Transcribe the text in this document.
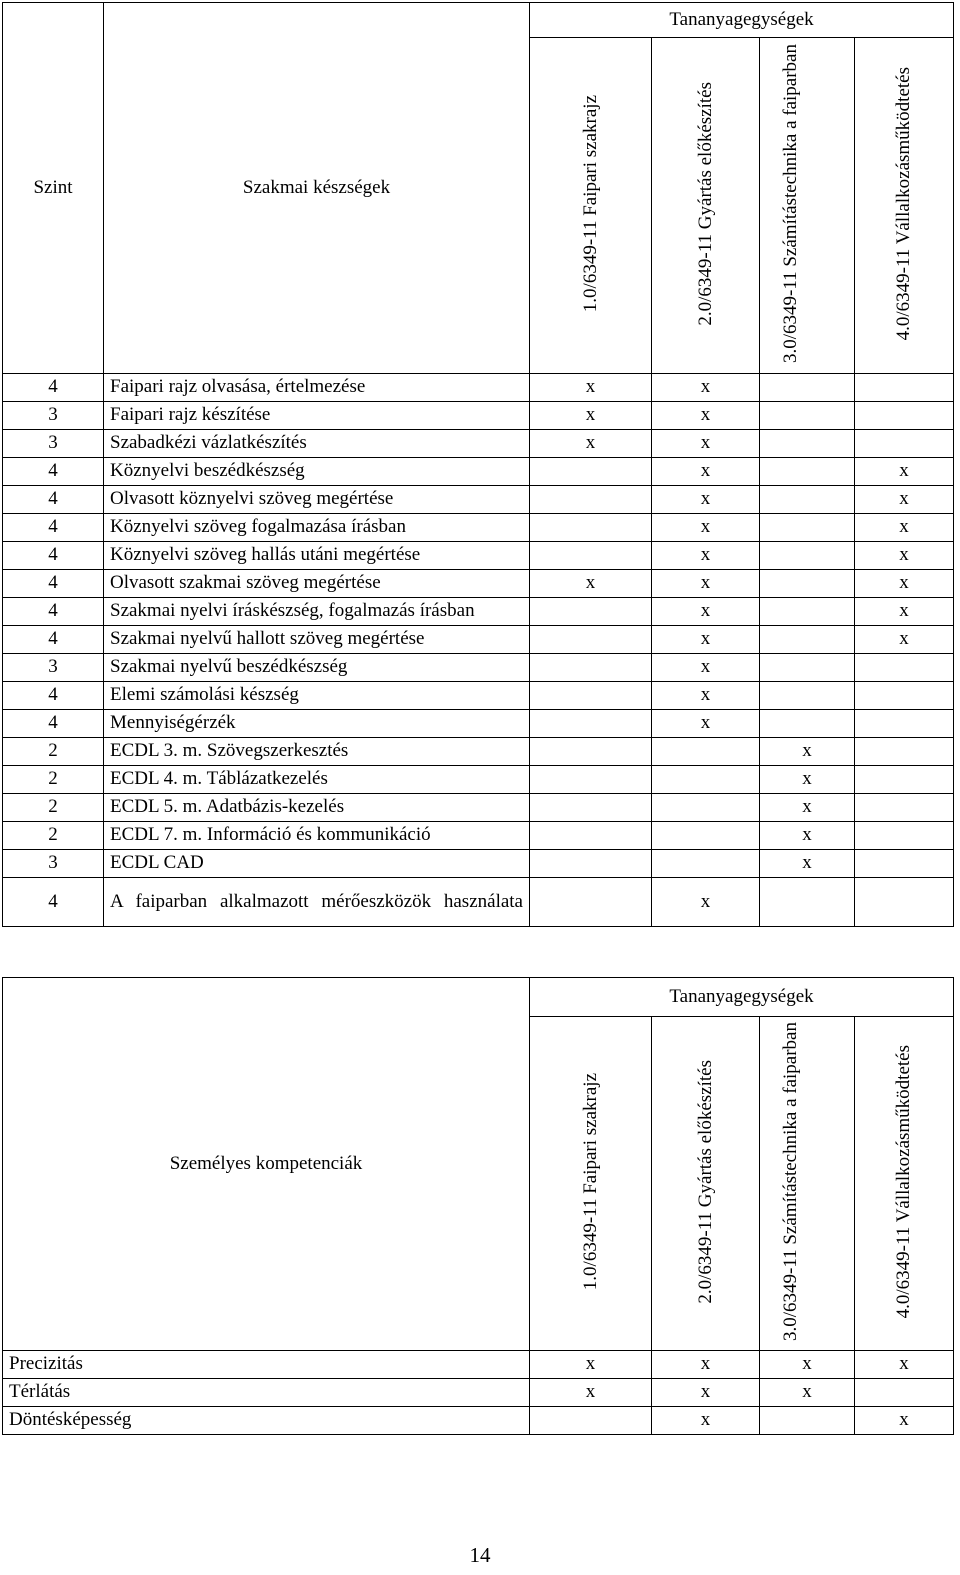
Szint	Szakmai készségek	Tananyagegységek			

		1.0/6349-11 Faipari szakrajz	2.0/6349-11 Gyártás előkészítés	3.0/6349-11 Számítástechnika a faiparban	4.0/6349-11 Vállalkozásműködtetés

4	Faipari rajz olvasása, értelmezése	x	x		
3	Faipari rajz készítése	x	x		
3	Szabadkézi vázlatkészítés	x	x		
4	Köznyelvi beszédkészség		x		x
4	Olvasott köznyelvi szöveg megértése		x		x
4	Köznyelvi szöveg fogalmazása írásban		x		x
4	Köznyelvi szöveg hallás utáni megértése		x		x
4	Olvasott szakmai szöveg megértése	x	x		x
4	Szakmai nyelvi íráskészség, fogalmazás írásban		x		x
4	Szakmai nyelvű hallott szöveg megértése		x		x
3	Szakmai nyelvű beszédkészség		x		
4	Elemi számolási készség		x		
4	Mennyiségérzék		x		
2	ECDL 3. m. Szövegszerkesztés			x	
2	ECDL 4. m. Táblázatkezelés			x	
2	ECDL 5. m. Adatbázis-kezelés			x	
2	ECDL 7. m. Információ és kommunikáció			x	
3	ECDL CAD			x	
4	A faiparban alkalmazott mérőeszközök használata		x		
Személyes kompetenciák	Tananyagegységek			

	1.0/6349-11 Faipari szakrajz	2.0/6349-11 Gyártás előkészítés	3.0/6349-11 Számítástechnika a faiparban	4.0/6349-11 Vállalkozásműködtetés

Precizitás	x	x	x	x
Térlátás	x	x	x	
Döntésképesség		x		x
14
